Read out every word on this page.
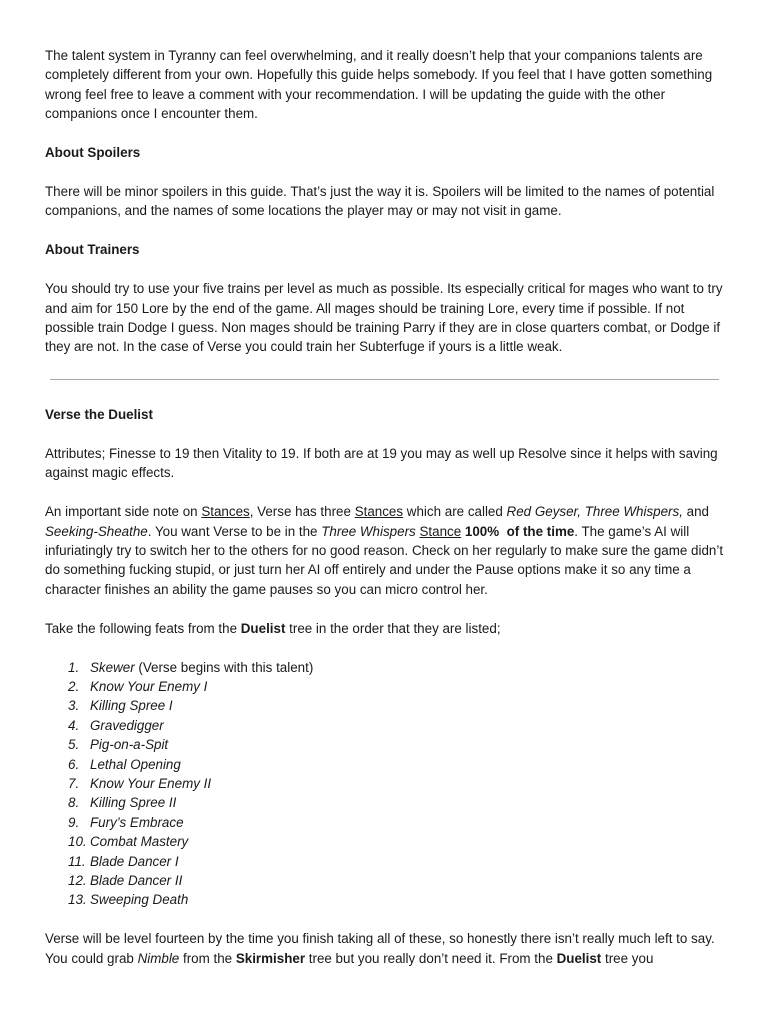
The talent system in Tyranny can feel overwhelming, and it really doesn’t help that your companions talents are completely different from your own. Hopefully this guide helps somebody. If you feel that I have gotten something wrong feel free to leave a comment with your recommendation. I will be updating the guide with the other companions once I encounter them.

About Spoilers

There will be minor spoilers in this guide. That’s just the way it is. Spoilers will be limited to the names of potential companions, and the names of some locations the player may or may not visit in game.

About Trainers

You should try to use your five trains per level as much as possible. Its especially critical for mages who want to try and aim for 150 Lore by the end of the game. All mages should be training Lore, every time if possible. If not possible train Dodge I guess. Non mages should be training Parry if they are in close quarters combat, or Dodge if they are not. In the case of Verse you could train her Subterfuge if yours is a little weak.

Verse the Duelist

Attributes; Finesse to 19 then Vitality to 19. If both are at 19 you may as well up Resolve since it helps with saving against magic effects.

An important side note on Stances, Verse has three Stances which are called Red Geyser, Three Whispers, and Seeking-Sheathe. You want Verse to be in the Three Whispers Stance 100%  of the time. The game’s AI will infuriatingly try to switch her to the others for no good reason. Check on her regularly to make sure the game didn’t do something fucking stupid, or just turn her AI off entirely and under the Pause options make it so any time a character finishes an ability the game pauses so you can micro control her.

Take the following feats from the Duelist tree in the order that they are listed;

1. Skewer (Verse begins with this talent)
2. Know Your Enemy I
3. Killing Spree I
4. Gravedigger
5. Pig-on-a-Spit
6. Lethal Opening
7. Know Your Enemy II
8. Killing Spree II
9. Fury’s Embrace
10. Combat Mastery
11. Blade Dancer I
12. Blade Dancer II
13. Sweeping Death

Verse will be level fourteen by the time you finish taking all of these, so honestly there isn’t really much left to say. You could grab Nimble from the Skirmisher tree but you really don’t need it. From the Duelist tree you
